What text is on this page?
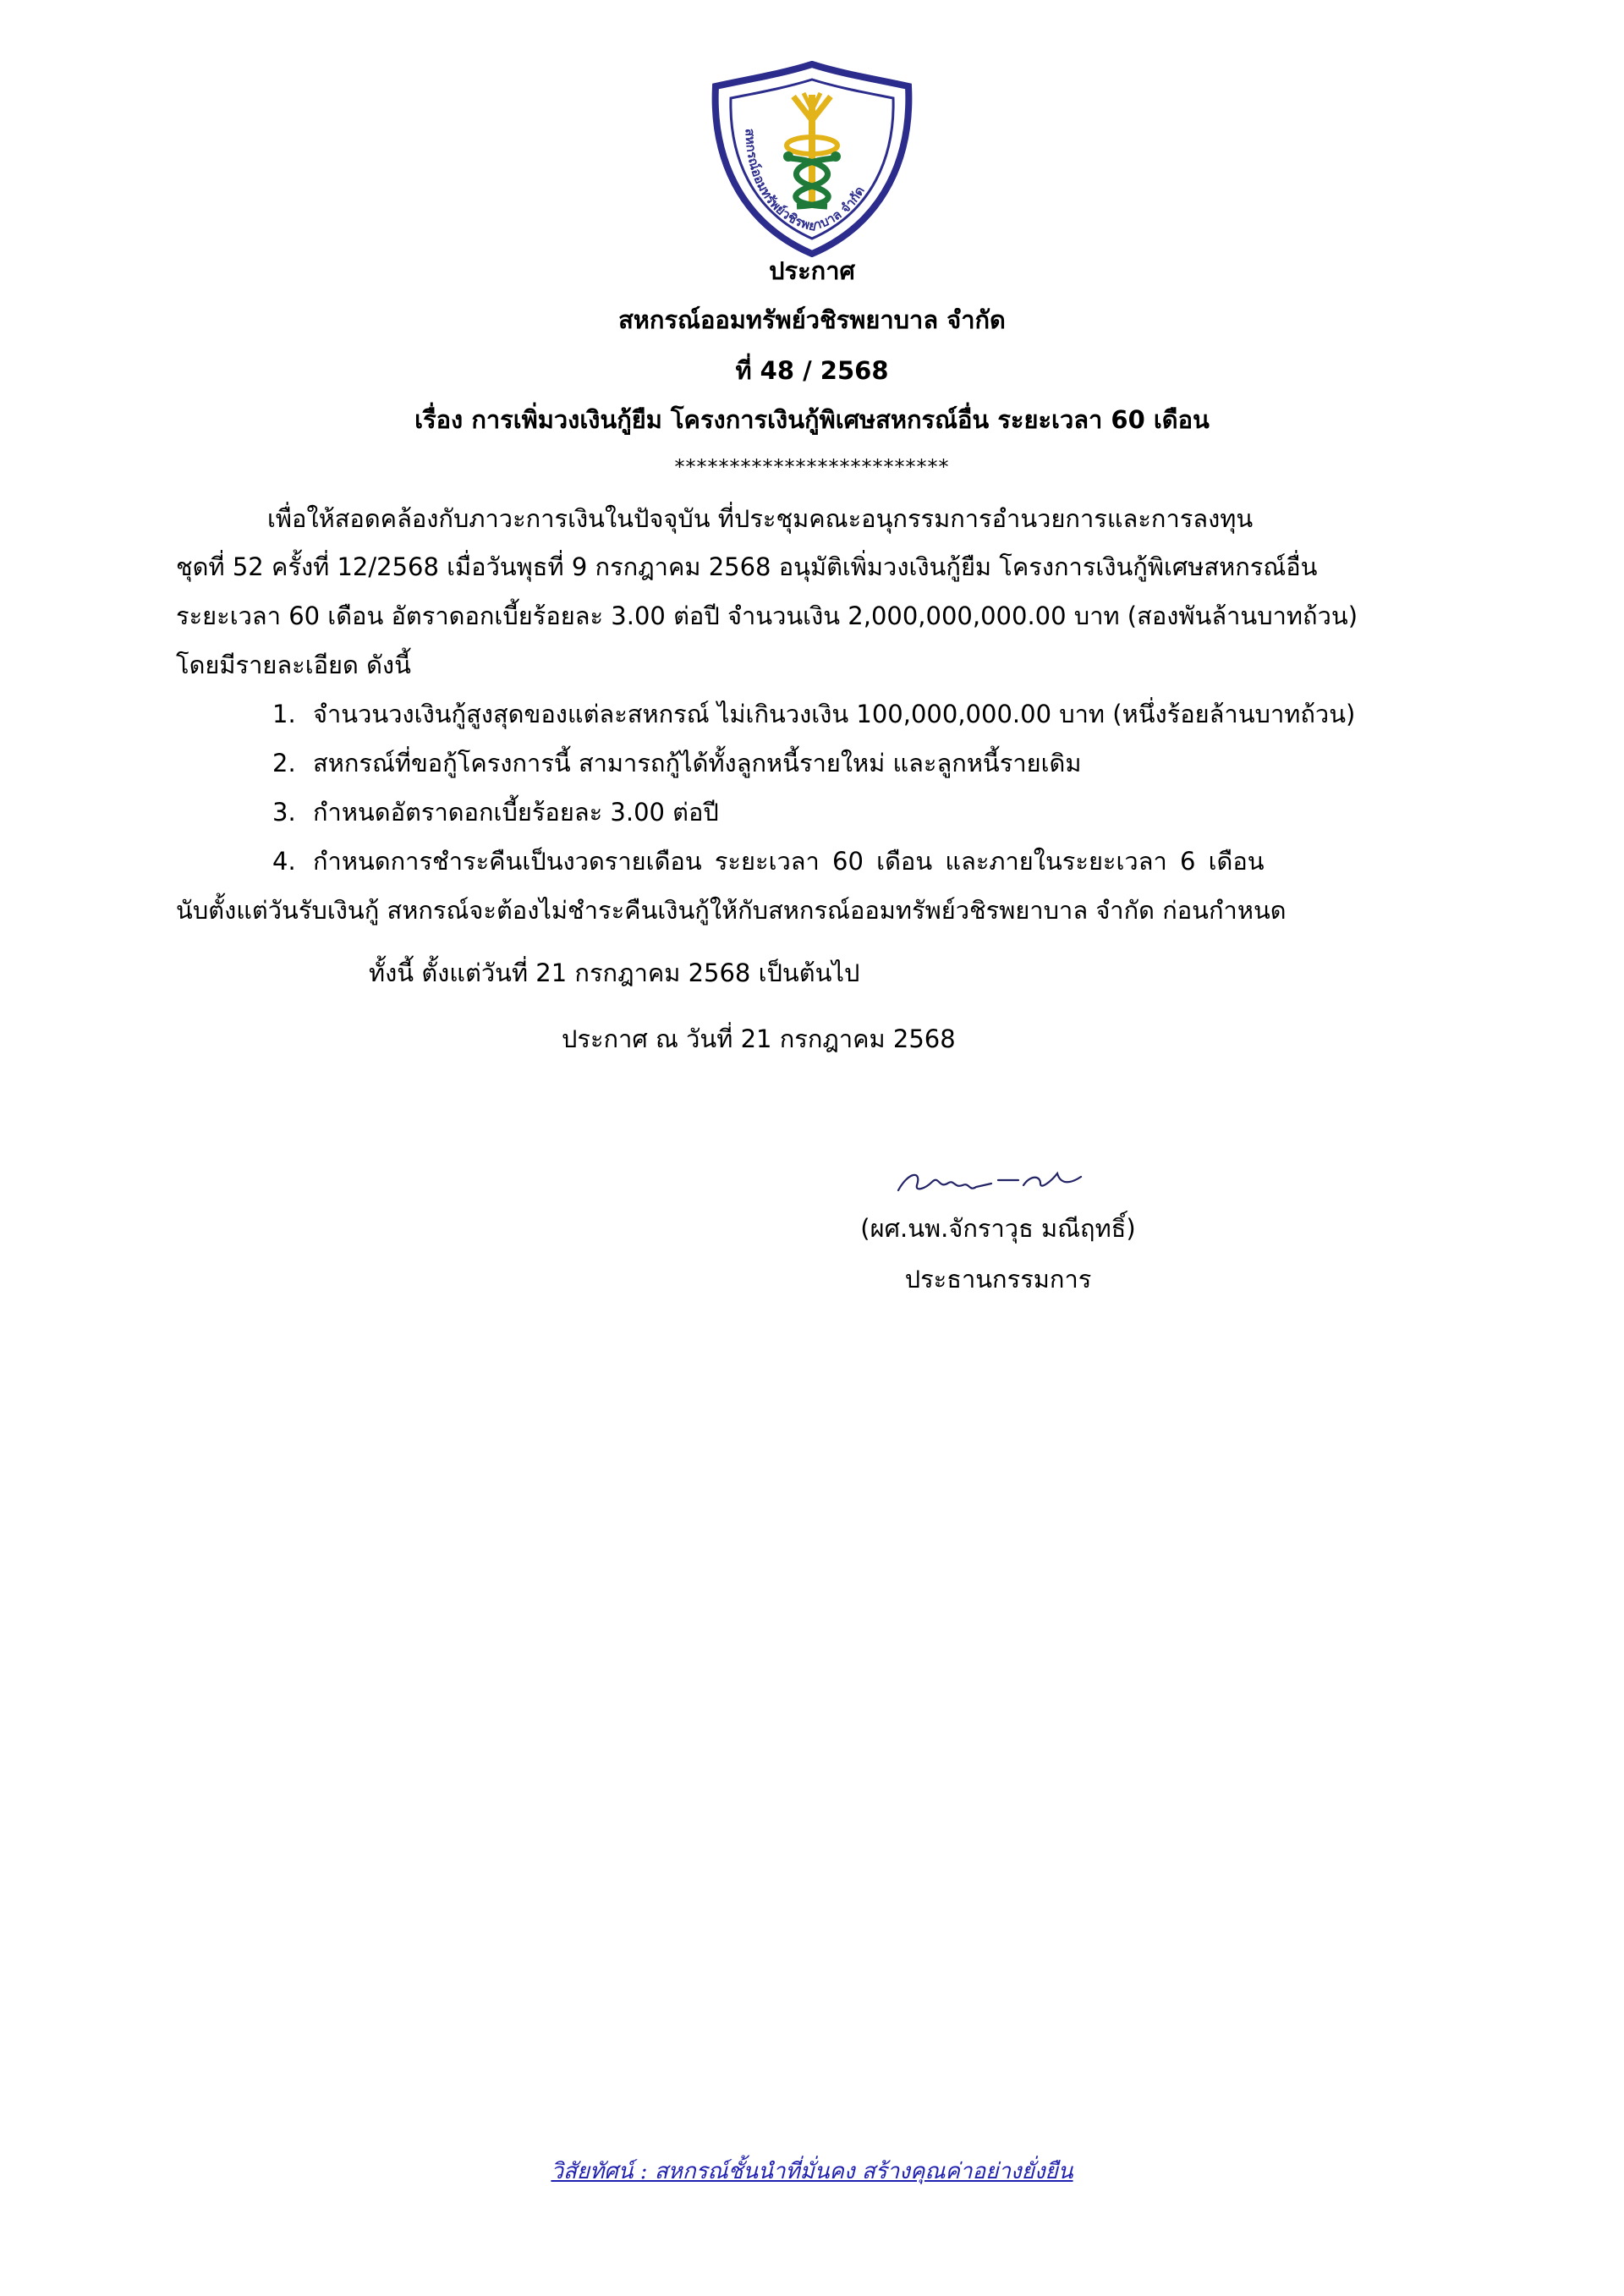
สหกรณ์ออมทรัพย์วชิรพยาบาล จำกัด
ประกาศ
สหกรณ์ออมทรัพย์วชิรพยาบาล จำกัด
ที่ 48 / 2568
เรื่อง การเพิ่มวงเงินกู้ยืม โครงการเงินกู้พิเศษสหกรณ์อื่น ระยะเวลา 60 เดือน
*************************
เพื่อให้สอดคล้องกับภาวะการเงินในปัจจุบัน ที่ประชุมคณะอนุกรรมการอำนวยการและการลงทุน
ชุดที่ 52 ครั้งที่ 12/2568 เมื่อวันพุธที่ 9 กรกฎาคม 2568 อนุมัติเพิ่มวงเงินกู้ยืม โครงการเงินกู้พิเศษสหกรณ์อื่น
ระยะเวลา 60 เดือน อัตราดอกเบี้ยร้อยละ 3.00 ต่อปี จำนวนเงิน 2,000,000,000.00 บาท (สองพันล้านบาทถ้วน)
โดยมีรายละเอียด ดังนี้
1. จำนวนวงเงินกู้สูงสุดของแต่ละสหกรณ์ ไม่เกินวงเงิน 100,000,000.00 บาท (หนึ่งร้อยล้านบาทถ้วน)
2. สหกรณ์ที่ขอกู้โครงการนี้ สามารถกู้ได้ทั้งลูกหนี้รายใหม่ และลูกหนี้รายเดิม
3. กำหนดอัตราดอกเบี้ยร้อยละ 3.00 ต่อปี
4. กำหนดการชำระคืนเป็นงวดรายเดือน ระยะเวลา 60 เดือน และภายในระยะเวลา 6 เดือน
นับตั้งแต่วันรับเงินกู้ สหกรณ์จะต้องไม่ชำระคืนเงินกู้ให้กับสหกรณ์ออมทรัพย์วชิรพยาบาล จำกัด ก่อนกำหนด
ทั้งนี้ ตั้งแต่วันที่ 21 กรกฎาคม 2568 เป็นต้นไป
ประกาศ ณ วันที่ 21 กรกฎาคม 2568
(ผศ.นพ.จักราวุธ มณีฤทธิ์)
ประธานกรรมการ
วิสัยทัศน์ : สหกรณ์ชั้นนำที่มั่นคง สร้างคุณค่าอย่างยั่งยืน
